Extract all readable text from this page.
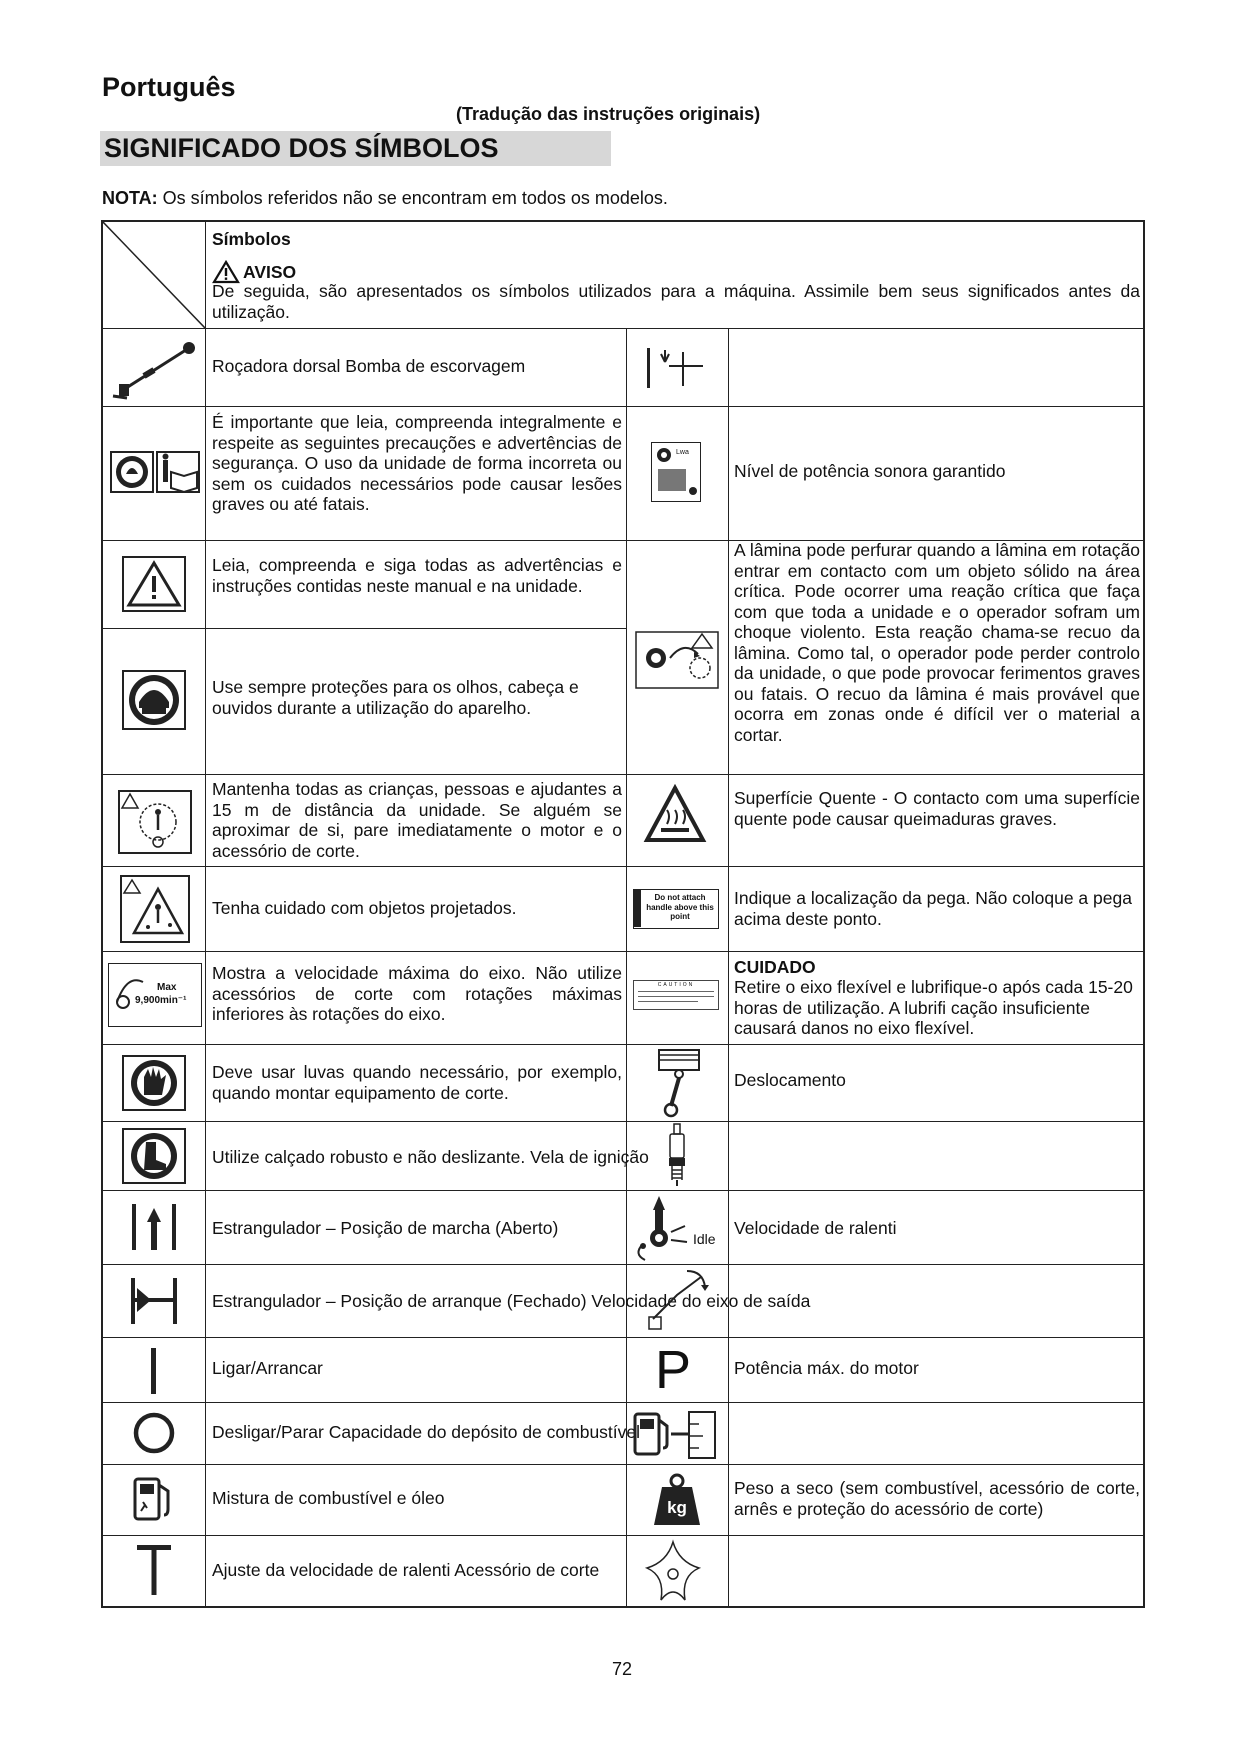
Português
(Tradução das instruções originais)
SIGNIFICADO DOS SÍMBOLOS
NOTA: Os símbolos referidos não se encontram em todos os modelos.
Símbolos
AVISO
De seguida, são apresentados os símbolos utilizados para a máquina. Assimile bem seus significados antes da utilização.
Max
9,900min⁻¹
Roçadora dorsal Bomba de escorvagem
É importante que leia, compreenda integralmente e respeite as seguintes precauções e advertências de segurança. O uso da unidade de forma incorreta ou sem os cuidados necessários pode causar lesões graves ou até fatais.
Leia, compreenda e siga todas as advertências e instruções contidas neste manual e na unidade.
Use sempre proteções para os olhos, cabeça e ouvidos durante a utilização do aparelho.
Mantenha todas as crianças, pessoas e ajudantes a 15 m de distância da unidade. Se alguém se aproximar de si, pare imediatamente o motor e o acessório de corte.
Tenha cuidado com objetos projetados.
Mostra a velocidade máxima do eixo. Não utilize acessórios de corte com rotações máximas inferiores às rotações do eixo.
Deve usar luvas quando necessário, por exemplo, quando montar equipamento de corte.
Utilize calçado robusto e não deslizante. Vela de ignição
Estrangulador – Posição de marcha (Aberto)
Estrangulador – Posição de arranque (Fechado) Velocidade do eixo de saída
Ligar/Arrancar
Desligar/Parar Capacidade do depósito de combustível
Mistura de combustível e óleo
Ajuste da velocidade de ralenti Acessório de corte
Lwa
Do not attach handle above this point
CAUTION
Idle
P
kg
Nível de potência sonora garantido
A lâmina pode perfurar quando a lâmina em rotação entrar em contacto com um objeto sólido na área crítica. Pode ocorrer uma reação crítica que faça com que toda a unidade e o operador sofram um choque violento. Esta reação chama-se recuo da lâmina. Como tal, o operador pode perder controlo da unidade, o que pode provocar ferimentos graves ou fatais. O recuo da lâmina é mais provável que ocorra em zonas onde é difícil ver o material a cortar.
Superfície Quente - O contacto com uma superfície quente pode causar queimaduras graves.
Indique a localização da pega. Não coloque a pega acima deste ponto.
CUIDADO
Retire o eixo flexível e lubrifique-o após cada 15-20 horas de utilização. A lubrifi cação insuficiente causará danos no eixo flexível.
Deslocamento
Velocidade de ralenti
Potência máx. do motor
Peso a seco (sem combustível, acessório de corte, arnês e proteção do acessório de corte)
72
